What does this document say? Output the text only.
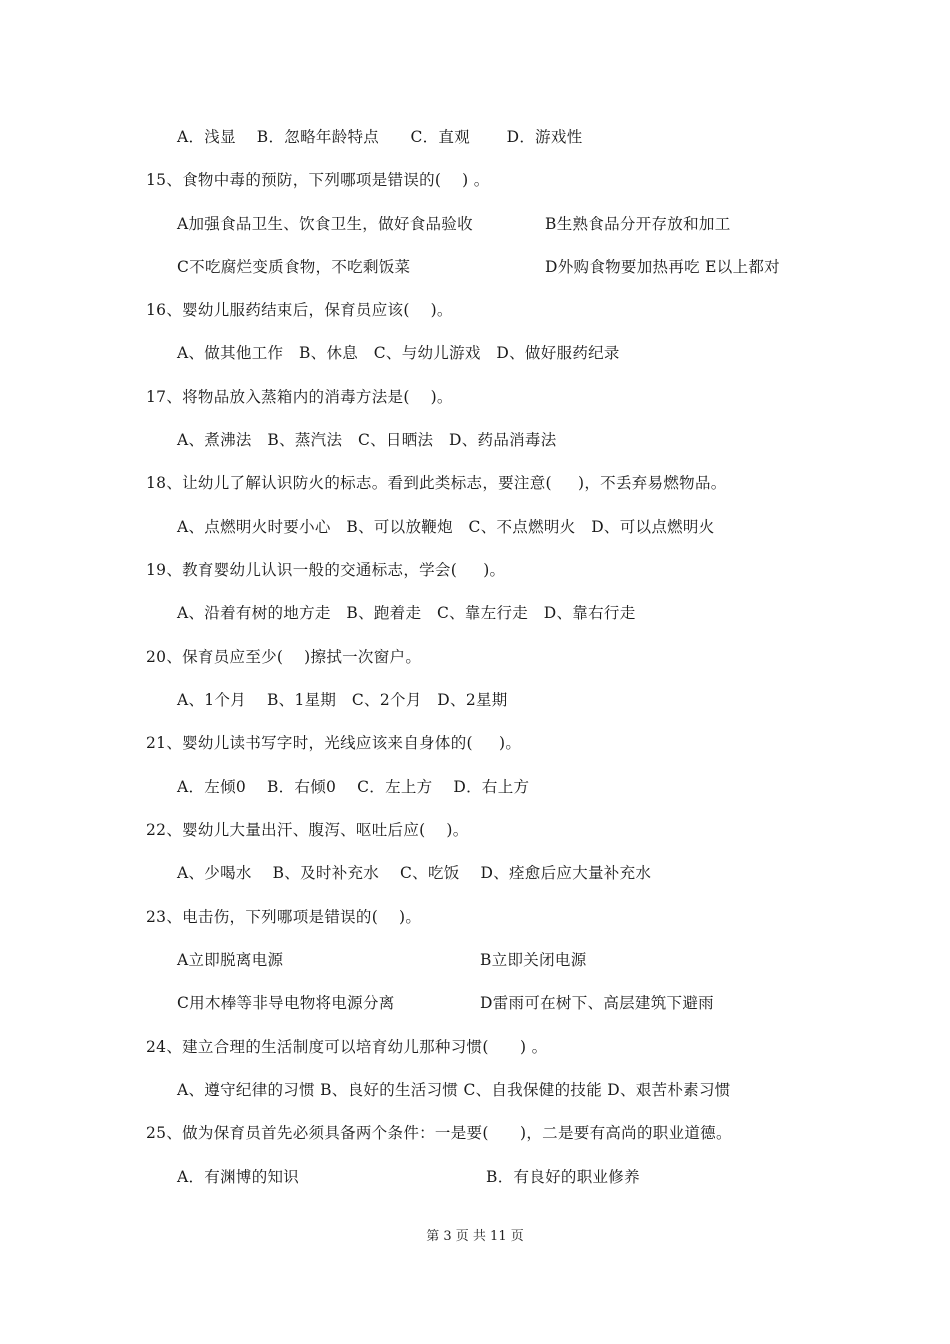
A．浅显    B．忽略年龄特点      C．直观       D．游戏性
15、食物中毒的预防，下列哪项是错误的(    ) 。
A加强食品卫生、饮食卫生，做好食品验收	B生熟食品分开存放和加工
C不吃腐烂变质食物，不吃剩饭菜	D外购食物要加热再吃 E以上都对
16、婴幼儿服药结束后，保育员应该(    )。
A、做其他工作   B、休息   C、与幼儿游戏   D、做好服药纪录
17、将物品放入蒸箱内的消毒方法是(    )。
A、煮沸法   B、蒸汽法   C、日晒法   D、药品消毒法
18、让幼儿了解认识防火的标志。看到此类标志，要注意(     )，不丢弃易燃物品。
A、点燃明火时要小心   B、可以放鞭炮   C、不点燃明火   D、可以点燃明火
19、教育婴幼儿认识一般的交通标志，学会(     )。
A、沿着有树的地方走   B、跑着走   C、靠左行走   D、靠右行走
20、保育员应至少(    )擦拭一次窗户。
A、1个月    B、1星期   C、2个月   D、2星期
21、婴幼儿读书写字时，光线应该来自身体的(     )。
A．左倾0    B．右倾0    C．左上方    D．右上方
22、婴幼儿大量出汗、腹泻、呕吐后应(    )。
A、少喝水    B、及时补充水    C、吃饭    D、痊愈后应大量补充水
23、电击伤，下列哪项是错误的(    )。
A立即脱离电源	B立即关闭电源
C用木棒等非导电物将电源分离	D雷雨可在树下、高层建筑下避雨
24、建立合理的生活制度可以培育幼儿那种习惯(      ) 。
A、遵守纪律的习惯 B、良好的生活习惯 C、自我保健的技能 D、艰苦朴素习惯
25、做为保育员首先必须具备两个条件：一是要(      )，二是要有高尚的职业道德。
A．有渊博的知识	B．有良好的职业修养
第 3 页 共 11 页
